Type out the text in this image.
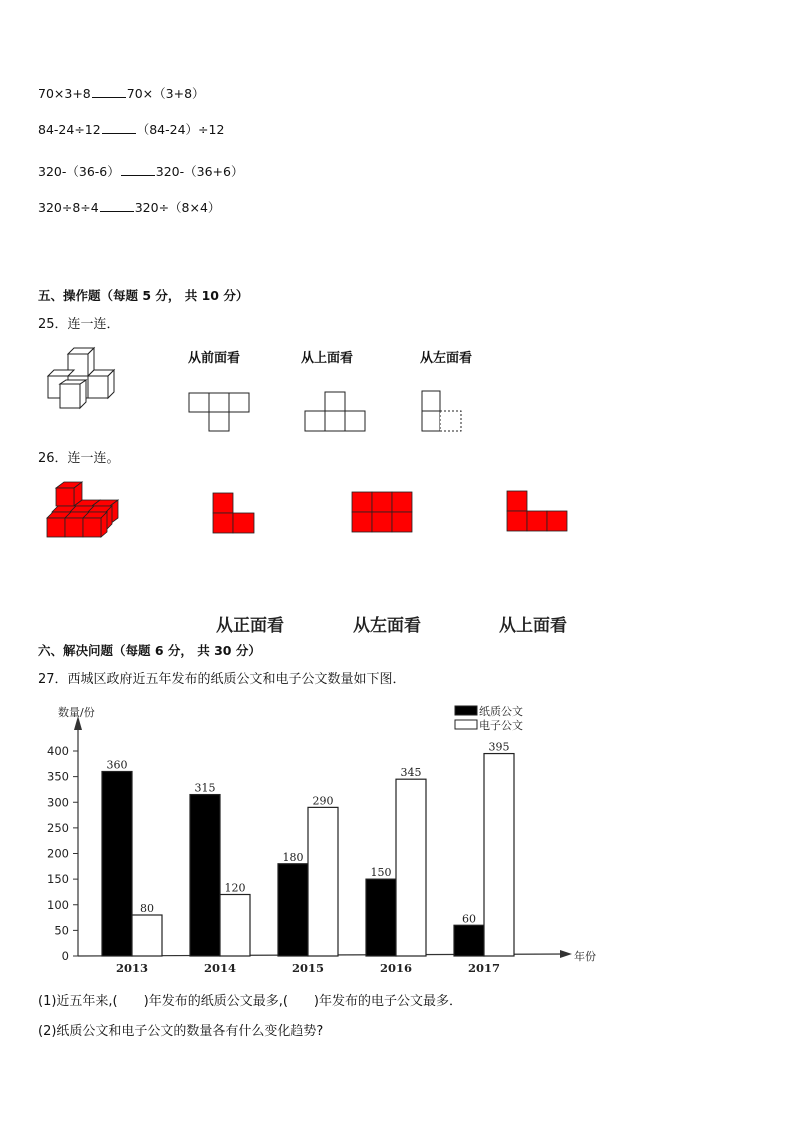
70×3+8	70×（3+8）
84-24÷12	（84-24）÷12
320-（36-6）	320-（36+6）
320÷8÷4	320÷（8×4）
五、操作题（每题 5 分， 共 10 分）
25．连一连．
从前面看	从上面看	从左面看
26．连一连。
从正面看	从左面看	从上面看
六、解决问题（每题 6 分， 共 30 分）
27．西城区政府近五年发布的纸质公文和电子公文数量如下图．
0
50
100
150
200
250
300
350
400
数量/份
年份
360
80
2013
315
120
2014
180
290
2015
150
345
2016
60
395
2017
纸质公文
电子公文
(1)近五年来,(　　)年发布的纸质公文最多,(　　)年发布的电子公文最多．
(2)纸质公文和电子公文的数量各有什么变化趋势?
